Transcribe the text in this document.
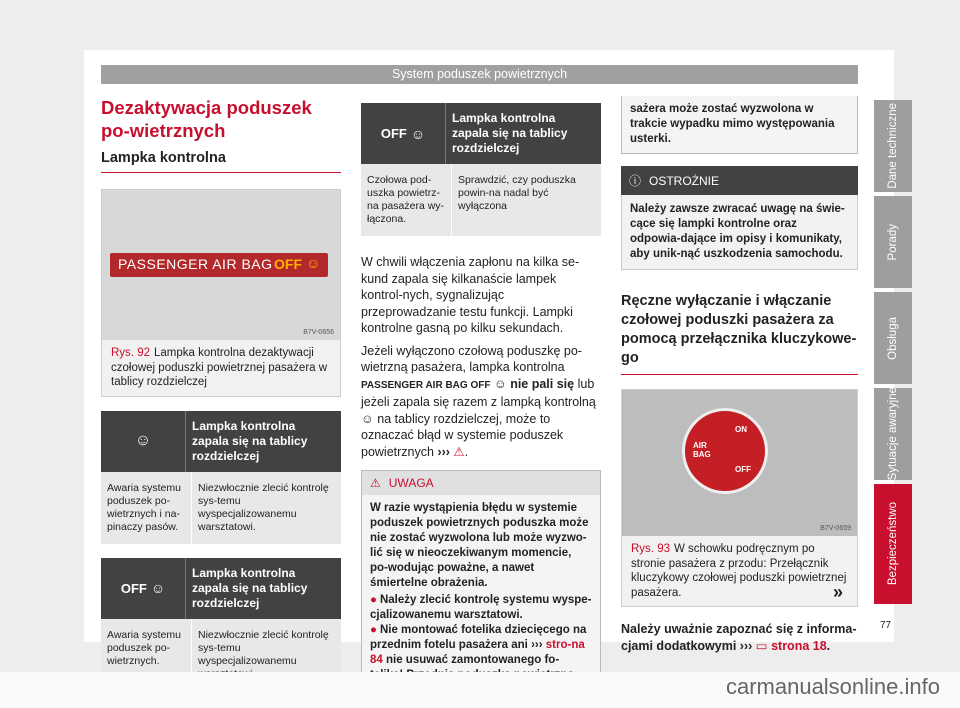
System poduszek powietrznych
Dezaktywacja poduszek po-wietrznych
Lampka kontrolna
PASSENGER AIR BAG OFF ☺
B7V-0656
Rys. 92 Lampka kontrolna dezaktywacji czołowej poduszki powietrznej pasażera w tablicy rozdzielczej
☺
Lampka kontrolna zapala się na tablicy rozdzielczej
Awaria systemu poduszek po-wietrznych i na-pinaczy pasów.
Niezwłocznie zlecić kontrolę sys-temu wyspecjalizowanemu warsztatowi.
OFF ☺
Lampka kontrolna zapala się na tablicy rozdzielczej
Awaria systemu poduszek po-wietrznych.
Niezwłocznie zlecić kontrolę sys-temu wyspecjalizowanemu
OFF ☺
Lampka kontrolna zapala się na tablicy rozdzielczej
Czołowa pod-uszka powietrz-na pasażera wy-łączona.
Sprawdzić, czy poduszka powin-na nadal być wyłączona

W chwili włączenia zapłonu na kilka se-kund zapala się kilkanaście lampek kontrol-nych, sygnalizując przeprowadzanie testu funkcji. Lampki kontrolne gasną po kilku sekundach.

Jeżeli wyłączono czołową poduszkę po-wietrzną pasażera, lampka kontrolna PASSENGER AIR BAG OFF ☺ nie pali się lub jeżeli zapala się razem z lampką kontrolną ☺ na tablicy rozdzielczej, może to oznaczać błąd w systemie poduszek powietrznych ››› ⚠.

⚠ UWAGA
W razie wystąpienia błędu w systemie poduszek powietrznych poduszka może nie zostać wyzwolona lub może wyzwo-lić się w nieoczekiwanym momencie, po-wodując poważne, a nawet śmiertelne obrażenia.
● Należy zlecić kontrolę systemu wyspe-cjalizowanemu warsztatowi.
● Nie montować fotelika dziecięcego na przednim fotelu pasażera ani ››› stro-na 84 nie usuwać zamontowanego fo-
sażera może zostać wyzwolona w trakcie wypadku mimo występowania usterki.
ⓘ OSTROŻNIE
Należy zawsze zwracać uwagę na świe-cące się lampki kontrolne oraz odpowia-dające im opisy i komunikaty, aby unik-nąć uszkodzenia samochodu.
Ręczne wyłączanie i włączanie czołowej poduszki pasażera za pomocą przełącznika kluczykowe-go
AIR BAG
ON
OFF
B7V-0659
Rys. 93 W schowku podręcznym po stronie pasażera z przodu: Przełącznik kluczykowy czołowej poduszki powietrznej pasażera.

Należy uważnie zapoznać się z informa-cjami dodatkowymi ››› ▭ strona 18.

»
Dane techniczne
Porady
Obsługa
Sytuacje awaryjne
Bezpieczeństwo
77
carmanualsonline.info
